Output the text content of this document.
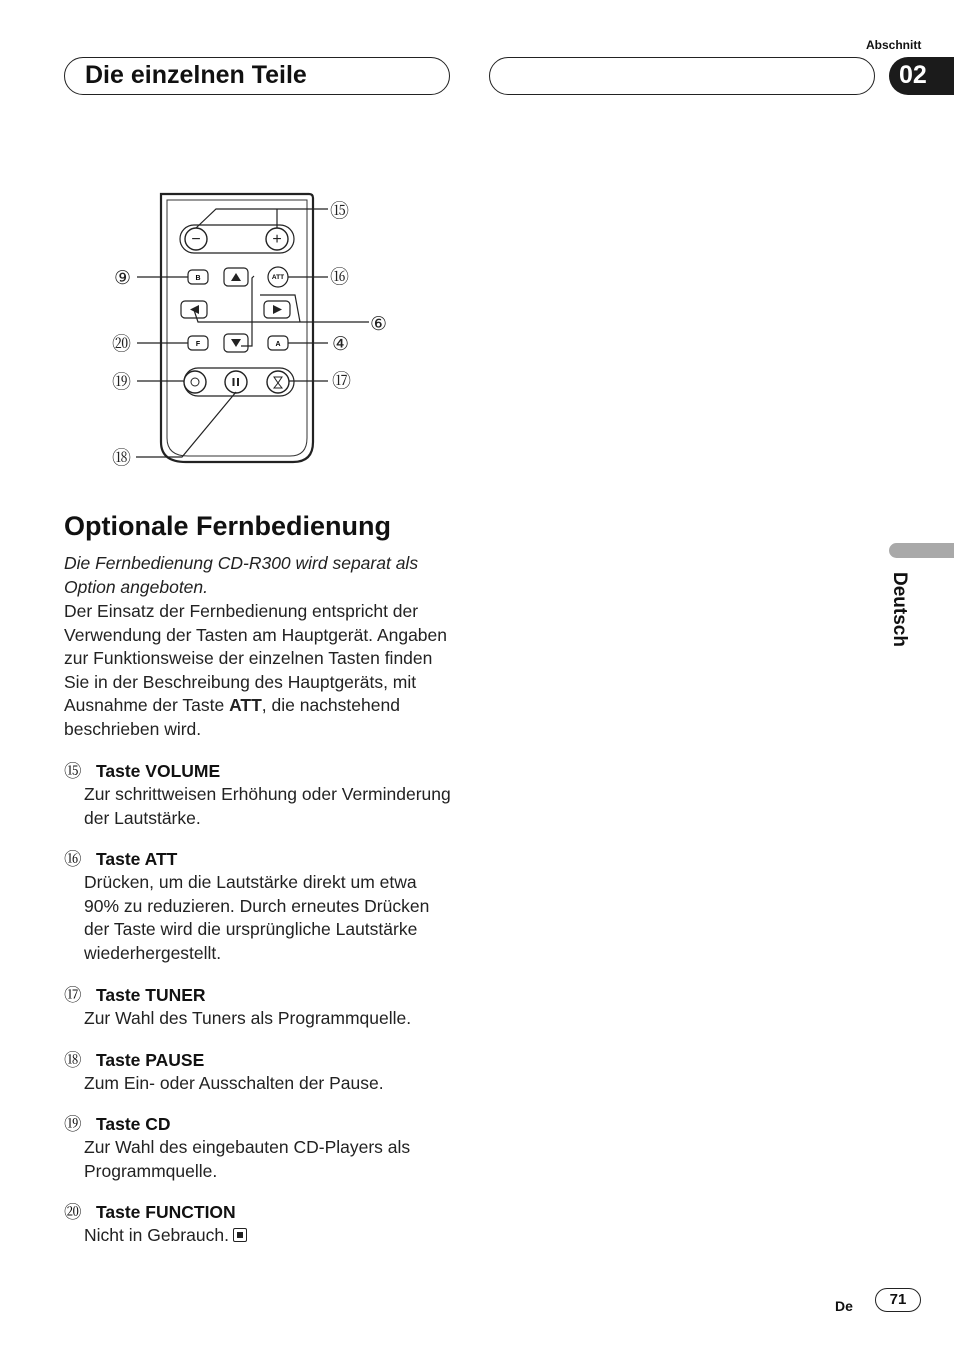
Abschnitt
Die einzelnen Teile	02
−	+
B	ATT
F	A
⑮
⑨	⑯
⑥
⑳	④
⑲	⑰
⑱
Optionale Fernbedienung
Die Fernbedienung CD-R300 wird separat als Option angeboten.
Der Einsatz der Fernbedienung entspricht der Verwendung der Tasten am Hauptgerät. Angaben zur Funktionsweise der einzelnen Tasten finden Sie in der Beschreibung des Hauptgeräts, mit Ausnahme der Taste ATT, die nachstehend beschrieben wird.
⑮ Taste VOLUME
Zur schrittweisen Erhöhung oder Verminderung der Lautstärke.
⑯ Taste ATT
Drücken, um die Lautstärke direkt um etwa 90% zu reduzieren. Durch erneutes Drücken der Taste wird die ursprüngliche Lautstärke wiederhergestellt.
⑰ Taste TUNER
Zur Wahl des Tuners als Programmquelle.
⑱ Taste PAUSE
Zum Ein- oder Ausschalten der Pause.
⑲ Taste CD
Zur Wahl des eingebauten CD-Players als Programmquelle.
⑳ Taste FUNCTION
Nicht in Gebrauch.
Deutsch
De	71
